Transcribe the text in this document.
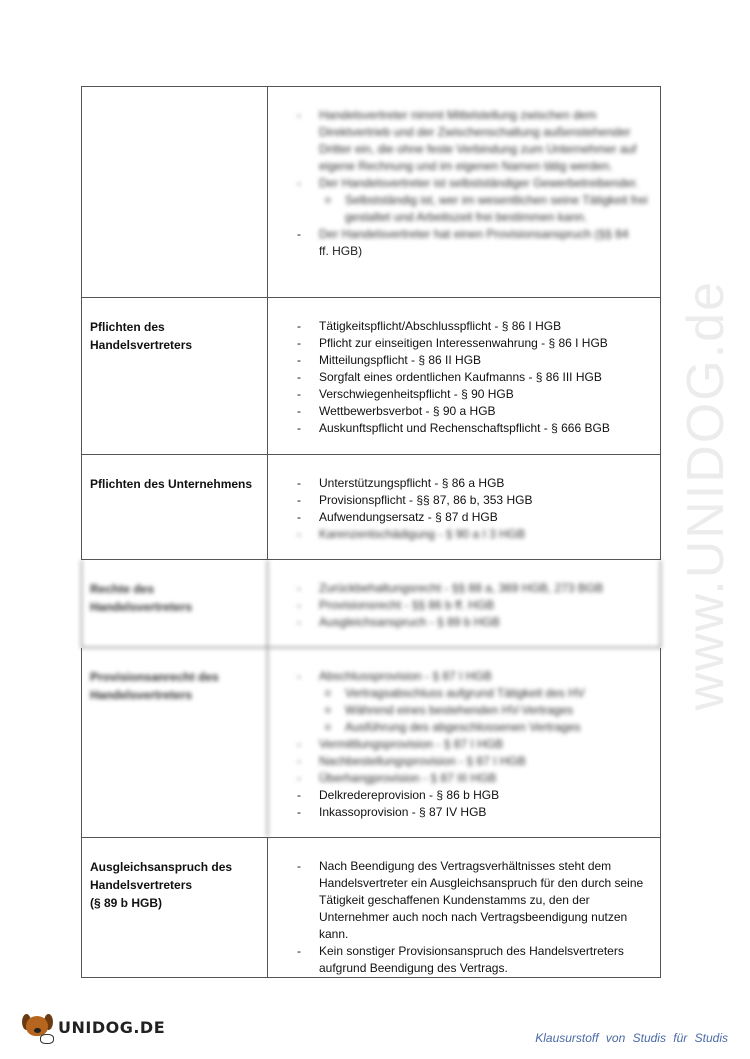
www.UNIDOG.de
- Handelsvertreter nimmt Mittelstellung zwischen dem Direktvertrieb und der Zwischenschaltung außenstehender Dritter ein, die ohne feste Verbindung zum Unternehmer auf eigene Rechnung und im eigenen Namen tätig werden.
- Der Handelsvertreter ist selbstständiger Gewerbetreibender.
o Selbstständig ist, wer im wesentlichen seine Tätigkeit frei gestaltet und Arbeitszeit frei bestimmen kann.
- Der Handelsvertreter hat einen Provisionsanspruch (§§ 84
ff. HGB)
Pflichten des Handelsvertreters
- Tätigkeitspflicht/Abschlusspflicht - § 86 I HGB
- Pflicht zur einseitigen Interessenwahrung - § 86 I HGB
- Mitteilungspflicht - § 86 II HGB
- Sorgfalt eines ordentlichen Kaufmanns - § 86 III HGB
- Verschwiegenheitspflicht - § 90 HGB
- Wettbewerbsverbot - § 90 a HGB
- Auskunftspflicht und Rechenschaftspflicht - § 666 BGB
Pflichten des Unternehmens
-	Unterstützungspflicht - § 86 a HGB
- Provisionspflicht - §§ 87, 86 b, 353 HGB
- Aufwendungsersatz - § 87 d HGB
- Karenzentschädigung - § 90 a I 3 HGB
Rechte des Handelsvertreters
- Zurückbehaltungsrecht - §§ 88 a, 369 HGB, 273 BGB
- Provisionsrecht - §§ 86 b ff. HGB
- Ausgleichsanspruch - § 89 b HGB
Provisionsanrecht des Handelsvertreters
- Abschlussprovision - § 87 I HGB
o Vertragsabschluss aufgrund Tätigkeit des HV
o Während eines bestehenden HV-Vertrages
o Ausführung des abgeschlossenen Vertrages
- Vermittlungsprovision - § 87 I HGB
- Nachbestellungsprovision - § 87 I HGB
- Überhangprovision - § 87 III HGB
- Delkredereprovision - § 86 b HGB
- Inkassoprovision - § 87 IV HGB
Ausgleichsanspruch des
Handelsvertreters
(§ 89 b HGB)
- Nach Beendigung des Vertragsverhältnisses steht dem Handelsvertreter ein Ausgleichsanspruch für den durch seine Tätigkeit geschaffenen Kundenstamms zu, den der Unternehmer auch noch nach Vertragsbeendigung nutzen kann.
- Kein sonstiger Provisionsanspruch des Handelsvertreters aufgrund Beendigung des Vertrags.
UNIDOG.DE
Klausurstoff von Studis für Studis
